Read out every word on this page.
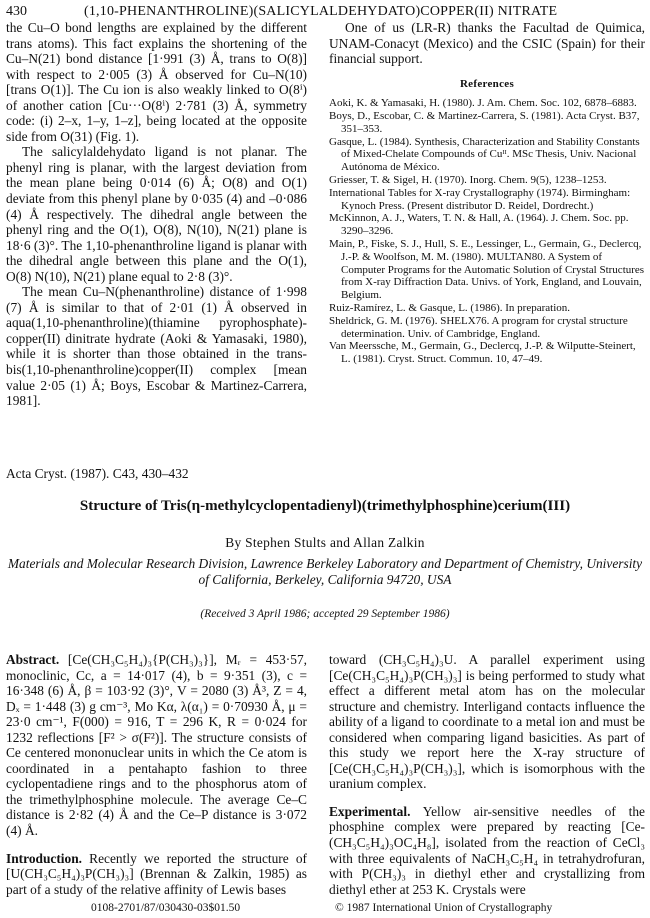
430	(1,10-PHENANTHROLINE)(SALICYLALDEHYDATO)COPPER(II) NITRATE

the Cu–O bond lengths are explained by the different trans atoms). This fact explains the shortening of the Cu–N(21) bond distance [1·991 (3) Å, trans to O(8)] with respect to 2·005 (3) Å observed for Cu–N(10) [trans O(1)]. The Cu ion is also weakly linked to O(8ⁱ) of another cation [Cu···O(8ⁱ) 2·781 (3) Å, symmetry code: (i) 2–x, 1–y, 1–z], being located at the opposite side from O(31) (Fig. 1).

The salicylaldehydato ligand is not planar. The phenyl ring is planar, with the largest deviation from the mean plane being 0·014 (6) Å; O(8) and O(1) deviate from this phenyl plane by 0·035 (4) and –0·086 (4) Å respectively. The dihedral angle between the phenyl ring and the O(1), O(8), N(10), N(21) plane is 18·6 (3)°. The 1,10-phenanthroline ligand is planar with the dihedral angle between this plane and the O(1), O(8) N(10), N(21) plane equal to 2·8 (3)°.

The mean Cu–N(phenanthroline) distance of 1·998 (7) Å is similar to that of 2·01 (1) Å observed in aqua(1,10-phenanthroline)(thiamine pyrophosphate)-copper(II) dinitrate hydrate (Aoki & Yamasaki, 1980), while it is shorter than those obtained in the trans-bis(1,10-phenanthroline)copper(II) complex [mean value 2·05 (1) Å; Boys, Escobar & Martinez-Carrera, 1981].

One of us (LR-R) thanks the Facultad de Quimica, UNAM-Conacyt (Mexico) and the CSIC (Spain) for their financial support.

References

Aoki, K. & Yamasaki, H. (1980). J. Am. Chem. Soc. 102, 6878–6883.

Boys, D., Escobar, C. & Martinez-Carrera, S. (1981). Acta Cryst. B37, 351–353.

Gasque, L. (1984). Synthesis, Characterization and Stability Constants of Mixed-Chelate Compounds of Cuᴵᴵ. MSc Thesis, Univ. Nacional Autónoma de México.

Griesser, T. & Sigel, H. (1970). Inorg. Chem. 9(5), 1238–1253.

International Tables for X-ray Crystallography (1974). Birmingham: Kynoch Press. (Present distributor D. Reidel, Dordrecht.)

McKinnon, A. J., Waters, T. N. & Hall, A. (1964). J. Chem. Soc. pp. 3290–3296.

Main, P., Fiske, S. J., Hull, S. E., Lessinger, L., Germain, G., Declercq, J.-P. & Woolfson, M. M. (1980). MULTAN80. A System of Computer Programs for the Automatic Solution of Crystal Structures from X-ray Diffraction Data. Univs. of York, England, and Louvain, Belgium.

Ruiz-Ramírez, L. & Gasque, L. (1986). In preparation.

Sheldrick, G. M. (1976). SHELX76. A program for crystal structure determination. Univ. of Cambridge, England.

Van Meerssche, M., Germain, G., Declercq, J.-P. & Wilputte-Steinert, L. (1981). Cryst. Struct. Commun. 10, 47–49.

Acta Cryst. (1987). C43, 430–432
Structure of Tris(η-methylcyclopentadienyl)(trimethylphosphine)cerium(III)
By Stephen Stults and Allan Zalkin
Materials and Molecular Research Division, Lawrence Berkeley Laboratory and Department of Chemistry, University of California, Berkeley, California 94720, USA
(Received 3 April 1986; accepted 29 September 1986)

Abstract. [Ce(CH₃C₅H₄)₃{P(CH₃)₃}], Mᵣ = 453·57, monoclinic, Cc, a = 14·017 (4), b = 9·351 (3), c = 16·348 (6) Å, β = 103·92 (3)°, V = 2080 (3) Å³, Z = 4, Dₓ = 1·448 (3) g cm⁻³, Mo Kα, λ(α₁) = 0·70930 Å, μ = 23·0 cm⁻¹, F(000) = 916, T = 296 K, R = 0·024 for 1232 reflections [F² > σ(F²)]. The structure consists of Ce centered mononuclear units in which the Ce atom is coordinated in a pentahapto fashion to three cyclopentadiene rings and to the phosphorus atom of the trimethylphosphine molecule. The average Ce–C distance is 2·82 (4) Å and the Ce–P distance is 3·072 (4) Å.

Introduction. Recently we reported the structure of [U(CH₃C₅H₄)₃P(CH₃)₃] (Brennan & Zalkin, 1985) as part of a study of the relative affinity of Lewis bases

toward (CH₃C₅H₄)₃U. A parallel experiment using [Ce(CH₃C₅H₄)₃P(CH₃)₃] is being performed to study what effect a different metal atom has on the molecular structure and chemistry. Interligand contacts influence the ability of a ligand to coordinate to a metal ion and must be considered when comparing ligand basicities. As part of this study we report here the X-ray structure of [Ce(CH₃C₅H₄)₃P(CH₃)₃], which is isomorphous with the uranium complex.

Experimental. Yellow air-sensitive needles of the phosphine complex were prepared by reacting [Ce-(CH₃C₅H₄)₃OC₄H₈], isolated from the reaction of CeCl₃ with three equivalents of NaCH₃C₅H₄ in tetrahydrofuran, with P(CH₃)₃ in diethyl ether and crystallizing from diethyl ether at 253 K. Crystals were

0108-2701/87/030430-03$01.50	© 1987 International Union of Crystallography
